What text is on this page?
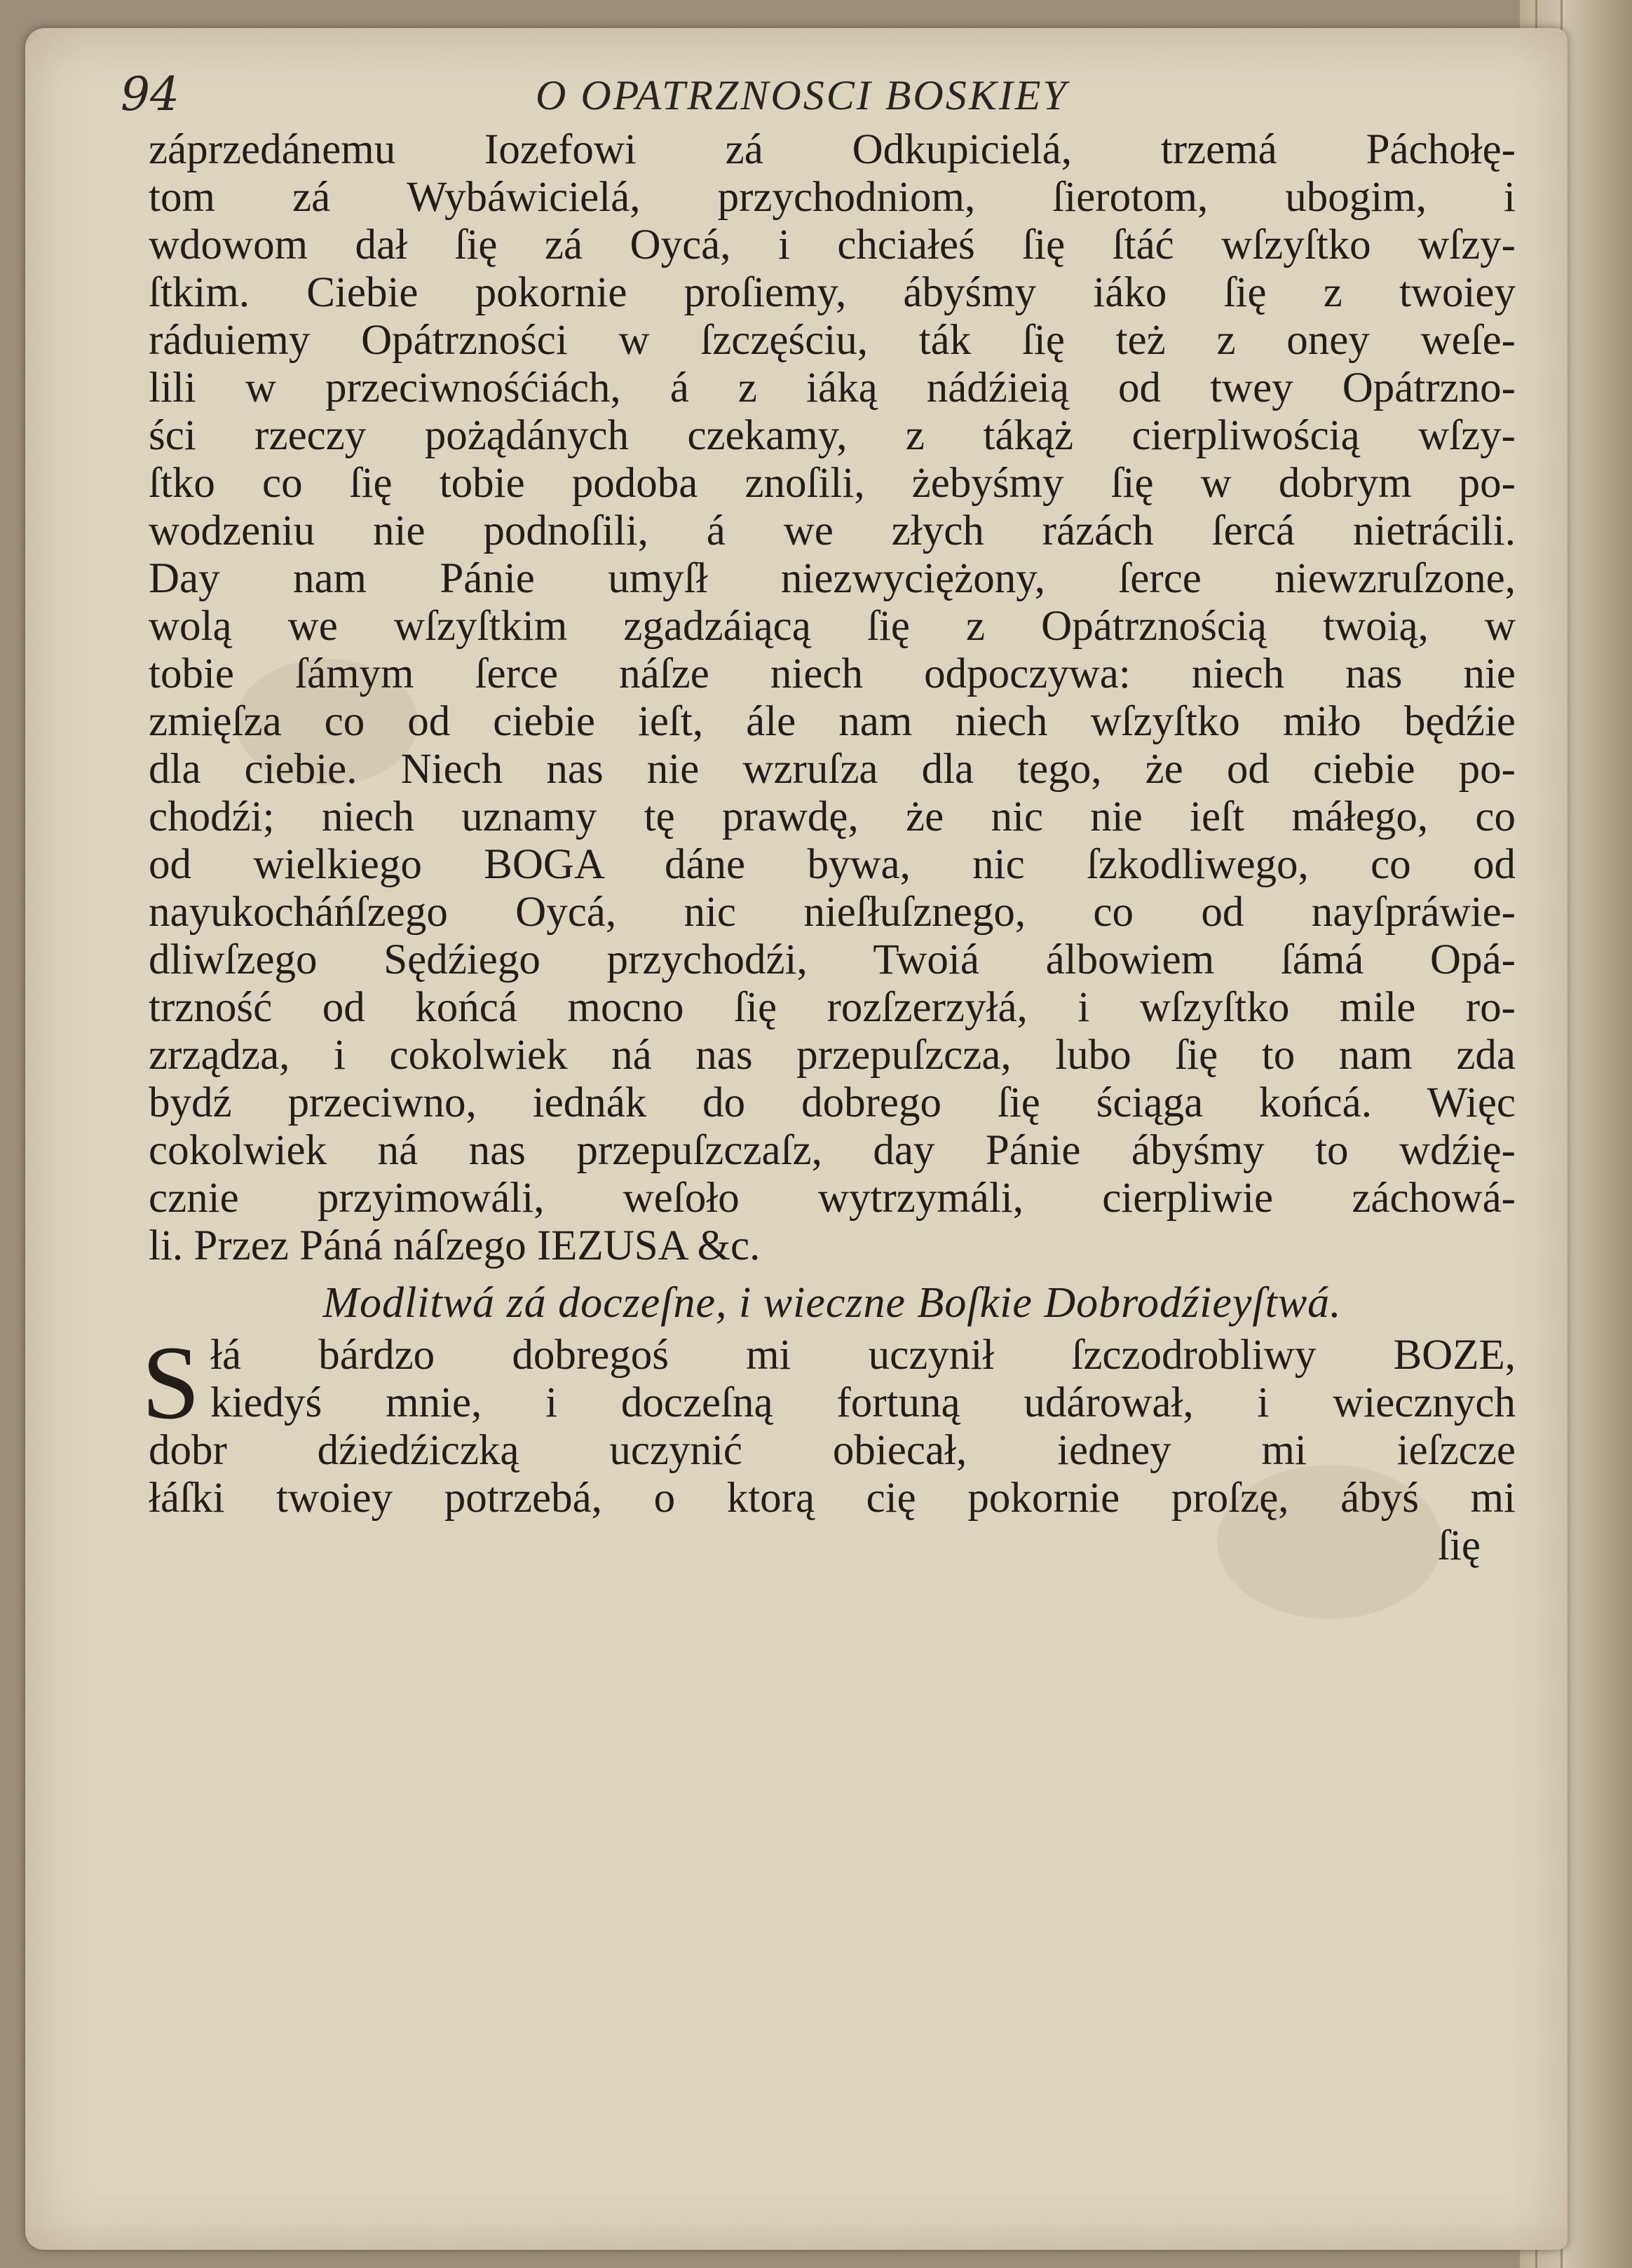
94	O OPATRZNOSCI BOSKIEY
záprzedánemu Iozefowi zá Odkupicielá, trzemá Páchołę-
tom zá Wybáwicielá, przychodniom, ſierotom, ubogim, i
wdowom dał ſię zá Oycá, i chciałeś ſię ſtáć wſzyſtko wſzy-
ſtkim. Ciebie pokornie proſiemy, ábyśmy iáko ſię z twoiey
ráduiemy Opátrzności w ſzczęściu, ták ſię też z oney weſe-
lili w przeciwnośćiách, á z iáką nádźieią od twey Opátrzno-
ści rzeczy pożądánych czekamy, z tákąż cierpliwością wſzy-
ſtko co ſię tobie podoba znoſili, żebyśmy ſię w dobrym po-
wodzeniu nie podnoſili, á we złych rázách ſercá nietrácili.
Day nam Pánie umyſł niezwyciężony, ſerce niewzruſzone,
wolą we wſzyſtkim zgadzáiącą ſię z Opátrznością twoią, w
tobie ſámym ſerce náſze niech odpoczywa: niech nas nie
zmięſza co od ciebie ieſt, ále nam niech wſzyſtko miło będźie
dla ciebie. Niech nas nie wzruſza dla tego, że od ciebie po-
chodźi; niech uznamy tę prawdę, że nic nie ieſt máłego, co
od wielkiego BOGA dáne bywa, nic ſzkodliwego, co od
nayukocháńſzego Oycá, nic nieſłuſznego, co od nayſpráwie-
dliwſzego Sędźiego przychodźi, Twoiá álbowiem ſámá Opá-
trzność od końcá mocno ſię rozſzerzyłá, i wſzyſtko mile ro-
zrządza, i cokolwiek ná nas przepuſzcza, lubo ſię to nam zda
bydź przeciwno, iednák do dobrego ſię ściąga końcá. Więc
cokolwiek ná nas przepuſzczaſz, day Pánie ábyśmy to wdźię-
cznie przyimowáli, weſoło wytrzymáli, cierpliwie záchowá-
li. Przez Páná náſzego IEZUSA &c.
Modlitwá zá doczeſne, i wieczne Boſkie Dobrodźieyſtwá.
S łá bárdzo dobregoś mi uczynił ſzczodrobliwy BOZE,
kiedyś mnie, i doczeſną fortuną udárował, i wiecznych
dobr dźiedźiczką uczynić obiecał, iedney mi ieſzcze
łáſki twoiey potrzebá, o ktorą cię pokornie proſzę, ábyś mi
ſię
